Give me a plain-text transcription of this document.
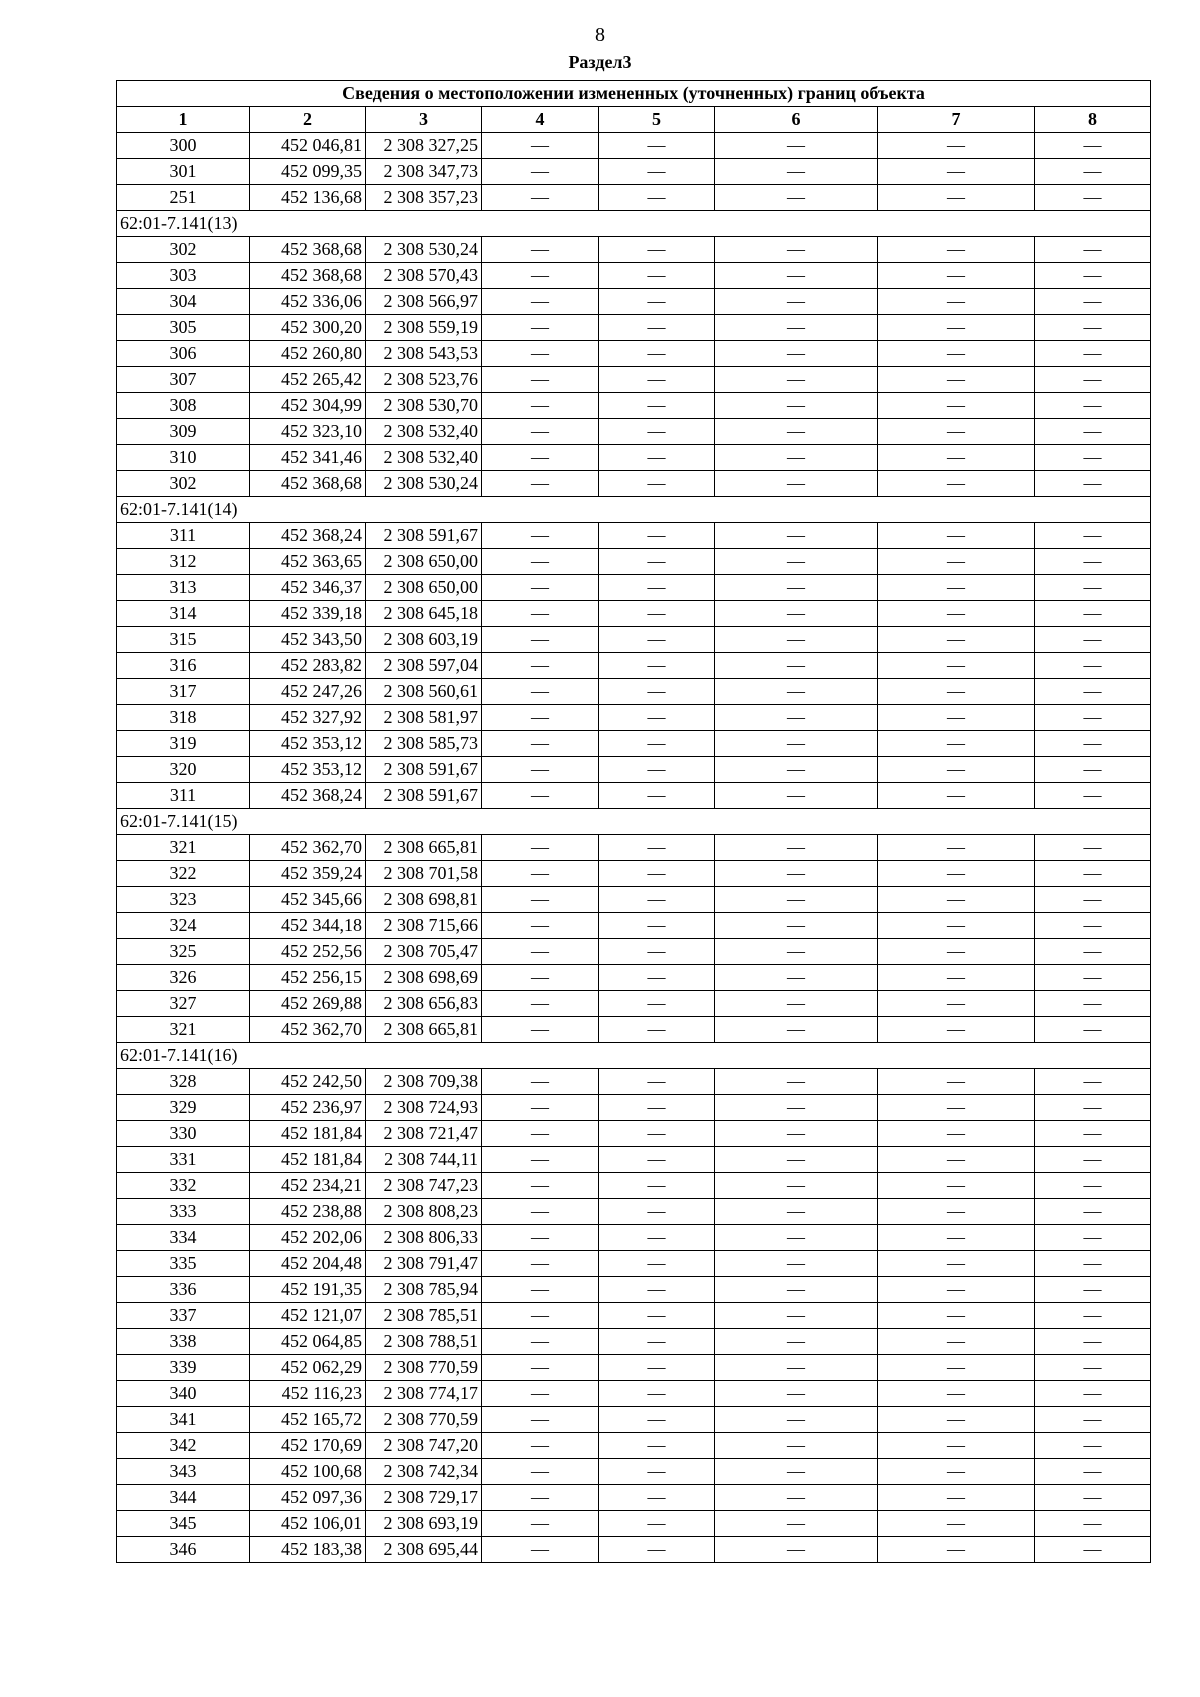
8
Раздел3
Сведения о местоположении измененных (уточненных) границ объекта							
1	2	3	4	5	6	7	8
300	452 046,81	2 308 327,25	—	—	—	—	—
301	452 099,35	2 308 347,73	—	—	—	—	—
251	452 136,68	2 308 357,23	—	—	—	—	—
62:01-7.141(13)							
302	452 368,68	2 308 530,24	—	—	—	—	—
303	452 368,68	2 308 570,43	—	—	—	—	—
304	452 336,06	2 308 566,97	—	—	—	—	—
305	452 300,20	2 308 559,19	—	—	—	—	—
306	452 260,80	2 308 543,53	—	—	—	—	—
307	452 265,42	2 308 523,76	—	—	—	—	—
308	452 304,99	2 308 530,70	—	—	—	—	—
309	452 323,10	2 308 532,40	—	—	—	—	—
310	452 341,46	2 308 532,40	—	—	—	—	—
302	452 368,68	2 308 530,24	—	—	—	—	—
62:01-7.141(14)							
311	452 368,24	2 308 591,67	—	—	—	—	—
312	452 363,65	2 308 650,00	—	—	—	—	—
313	452 346,37	2 308 650,00	—	—	—	—	—
314	452 339,18	2 308 645,18	—	—	—	—	—
315	452 343,50	2 308 603,19	—	—	—	—	—
316	452 283,82	2 308 597,04	—	—	—	—	—
317	452 247,26	2 308 560,61	—	—	—	—	—
318	452 327,92	2 308 581,97	—	—	—	—	—
319	452 353,12	2 308 585,73	—	—	—	—	—
320	452 353,12	2 308 591,67	—	—	—	—	—
311	452 368,24	2 308 591,67	—	—	—	—	—
62:01-7.141(15)							
321	452 362,70	2 308 665,81	—	—	—	—	—
322	452 359,24	2 308 701,58	—	—	—	—	—
323	452 345,66	2 308 698,81	—	—	—	—	—
324	452 344,18	2 308 715,66	—	—	—	—	—
325	452 252,56	2 308 705,47	—	—	—	—	—
326	452 256,15	2 308 698,69	—	—	—	—	—
327	452 269,88	2 308 656,83	—	—	—	—	—
321	452 362,70	2 308 665,81	—	—	—	—	—
62:01-7.141(16)							
328	452 242,50	2 308 709,38	—	—	—	—	—
329	452 236,97	2 308 724,93	—	—	—	—	—
330	452 181,84	2 308 721,47	—	—	—	—	—
331	452 181,84	2 308 744,11	—	—	—	—	—
332	452 234,21	2 308 747,23	—	—	—	—	—
333	452 238,88	2 308 808,23	—	—	—	—	—
334	452 202,06	2 308 806,33	—	—	—	—	—
335	452 204,48	2 308 791,47	—	—	—	—	—
336	452 191,35	2 308 785,94	—	—	—	—	—
337	452 121,07	2 308 785,51	—	—	—	—	—
338	452 064,85	2 308 788,51	—	—	—	—	—
339	452 062,29	2 308 770,59	—	—	—	—	—
340	452 116,23	2 308 774,17	—	—	—	—	—
341	452 165,72	2 308 770,59	—	—	—	—	—
342	452 170,69	2 308 747,20	—	—	—	—	—
343	452 100,68	2 308 742,34	—	—	—	—	—
344	452 097,36	2 308 729,17	—	—	—	—	—
345	452 106,01	2 308 693,19	—	—	—	—	—
346	452 183,38	2 308 695,44	—	—	—	—	—
